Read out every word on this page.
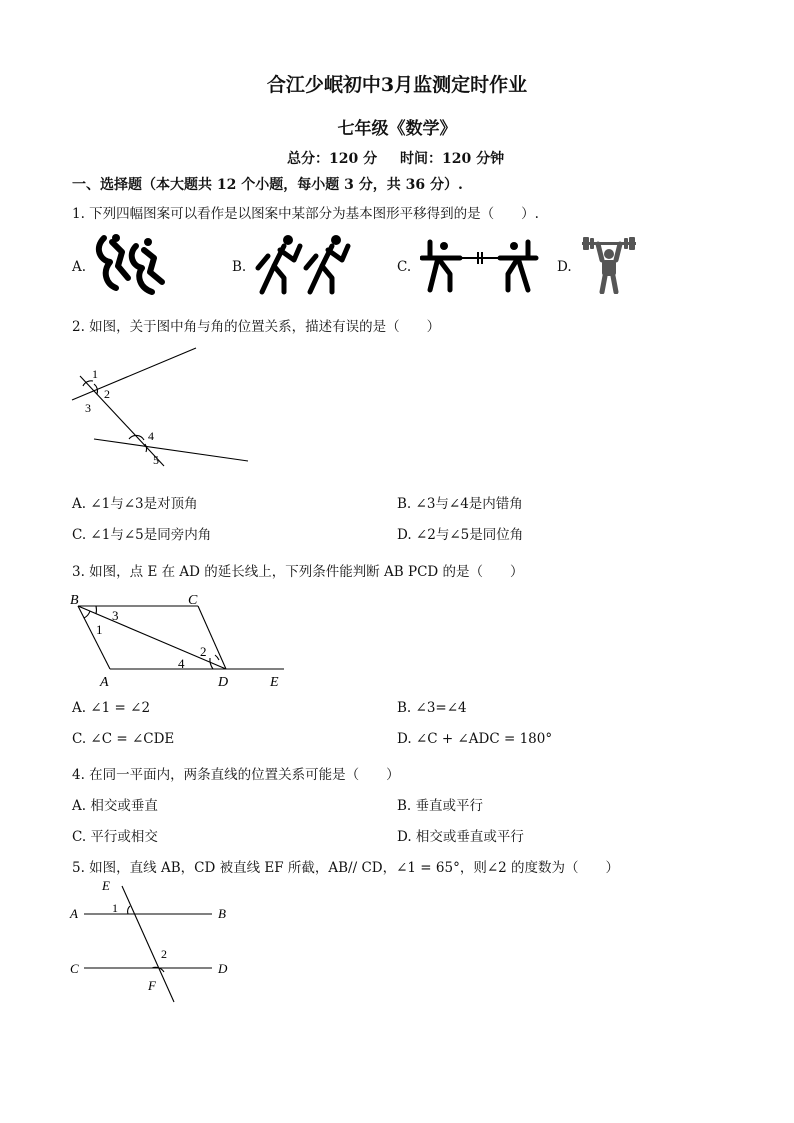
合江少岷初中3月监测定时作业
七年级《数学》
总分：120 分 时间：120 分钟
一、选择题（本大题共 12 个小题，每小题 3 分，共 36 分）.
1. 下列四幅图案可以看作是以图案中某部分为基本图形平移得到的是（　　）.
A.	B.	C.	D.
2. 如图，关于图中角与角的位置关系，描述有误的是（　　）
1
2
3
4
5
A. ∠1与∠3是对顶角	B. ∠3与∠4是内错角
C. ∠1与∠5是同旁内角	D. ∠2与∠5是同位角
3. 如图，点 E 在 AD 的延长线上，下列条件能判断 AB PCD 的是（　　）
B	C
A	D	E
1
2
3
4
A. ∠1 = ∠2	B. ∠3=∠4
C. ∠C = ∠CDE	D. ∠C + ∠ADC = 180°
4. 在同一平面内，两条直线的位置关系可能是（　　）
A. 相交或垂直	B. 垂直或平行
C. 平行或相交	D. 相交或垂直或平行
5. 如图，直线 AB，CD 被直线 EF 所截，AB// CD，∠1 = 65°，则∠2 的度数为（　　）
E
A	B
C	D
F
1
2
